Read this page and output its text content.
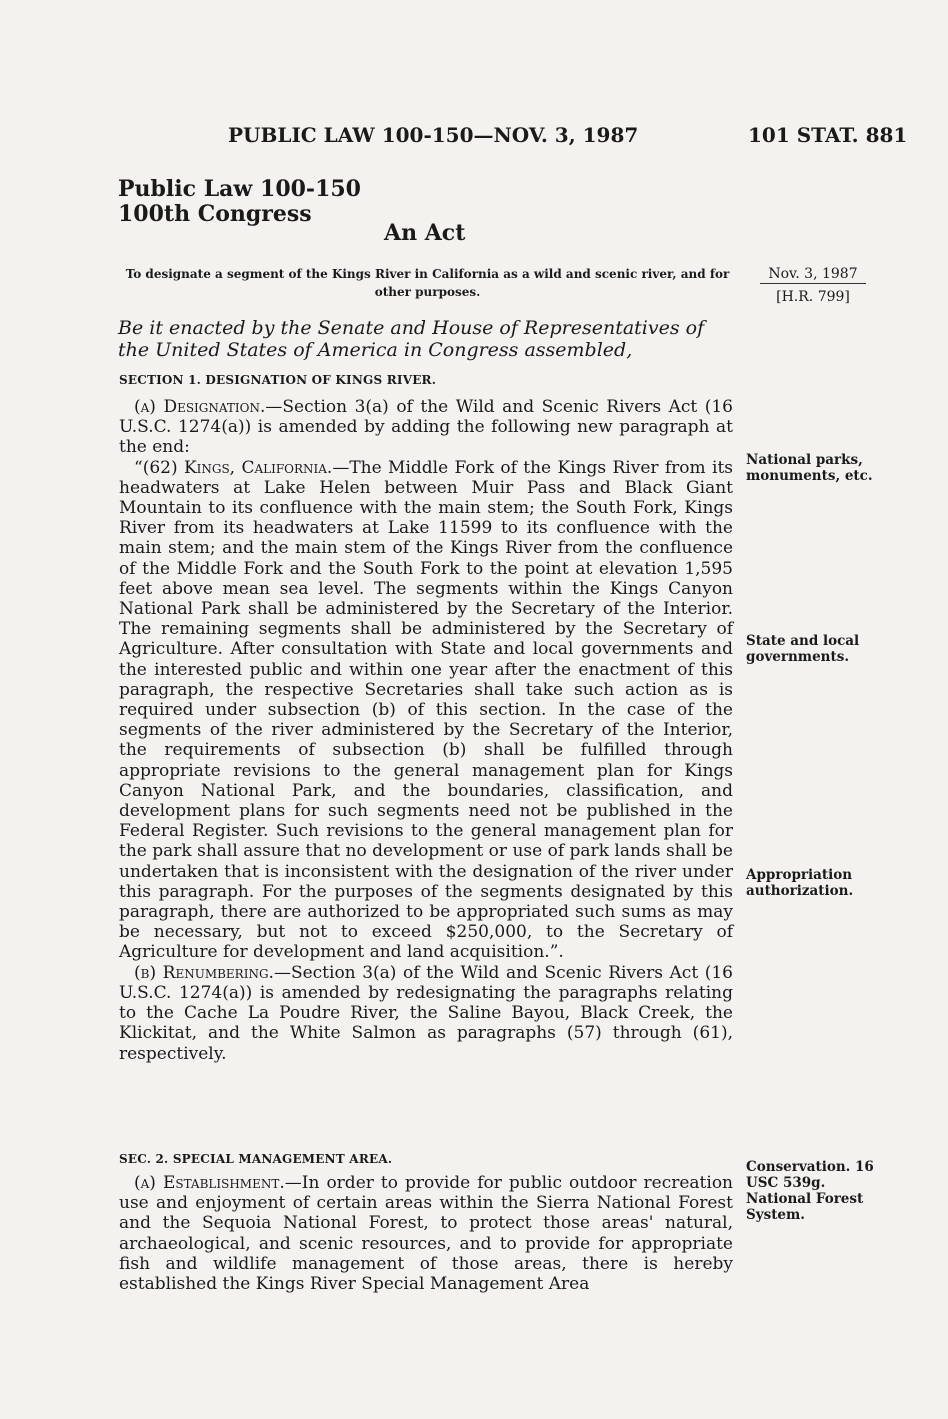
PUBLIC LAW 100-150—NOV. 3, 1987	101 STAT. 881
Public Law 100-150
100th Congress
An Act
To designate a segment of the Kings River in California as a wild and scenic river, and for other purposes.
Nov. 3, 1987
[H.R. 799]
Be it enacted by the Senate and House of Representatives of the United States of America in Congress assembled,
SECTION 1. DESIGNATION OF KINGS RIVER.

(a) Designation.—Section 3(a) of the Wild and Scenic Rivers Act (16 U.S.C. 1274(a)) is amended by adding the following new paragraph at the end:

“(62) Kings, California.—The Middle Fork of the Kings River from its headwaters at Lake Helen between Muir Pass and Black Giant Mountain to its confluence with the main stem; the South Fork, Kings River from its headwaters at Lake 11599 to its confluence with the main stem; and the main stem of the Kings River from the confluence of the Middle Fork and the South Fork to the point at elevation 1,595 feet above mean sea level. The segments within the Kings Canyon National Park shall be administered by the Secretary of the Interior. The remaining segments shall be administered by the Secretary of Agriculture. After consultation with State and local governments and the interested public and within one year after the enactment of this paragraph, the respective Secretaries shall take such action as is required under subsection (b) of this section. In the case of the segments of the river administered by the Secretary of the Interior, the requirements of subsection (b) shall be fulfilled through appropriate revisions to the general management plan for Kings Canyon National Park, and the boundaries, classification, and development plans for such segments need not be published in the Federal Register. Such revisions to the general management plan for the park shall assure that no development or use of park lands shall be undertaken that is inconsistent with the designation of the river under this paragraph. For the purposes of the segments designated by this paragraph, there are authorized to be appropriated such sums as may be necessary, but not to exceed $250,000, to the Secretary of Agriculture for development and land acquisition.”.

(b) Renumbering.—Section 3(a) of the Wild and Scenic Rivers Act (16 U.S.C. 1274(a)) is amended by redesignating the paragraphs relating to the Cache La Poudre River, the Saline Bayou, Black Creek, the Klickitat, and the White Salmon as paragraphs (57) through (61), respectively.

SEC. 2. SPECIAL MANAGEMENT AREA.

(a) Establishment.—In order to provide for public outdoor recreation use and enjoyment of certain areas within the Sierra National Forest and the Sequoia National Forest, to protect those areas' natural, archaeological, and scenic resources, and to provide for appropriate fish and wildlife management of those areas, there is hereby established the Kings River Special Management Area

National parks, monuments, etc.
State and local governments.
Appropriation authorization.
Conservation. 16 USC 539g. National Forest System.
